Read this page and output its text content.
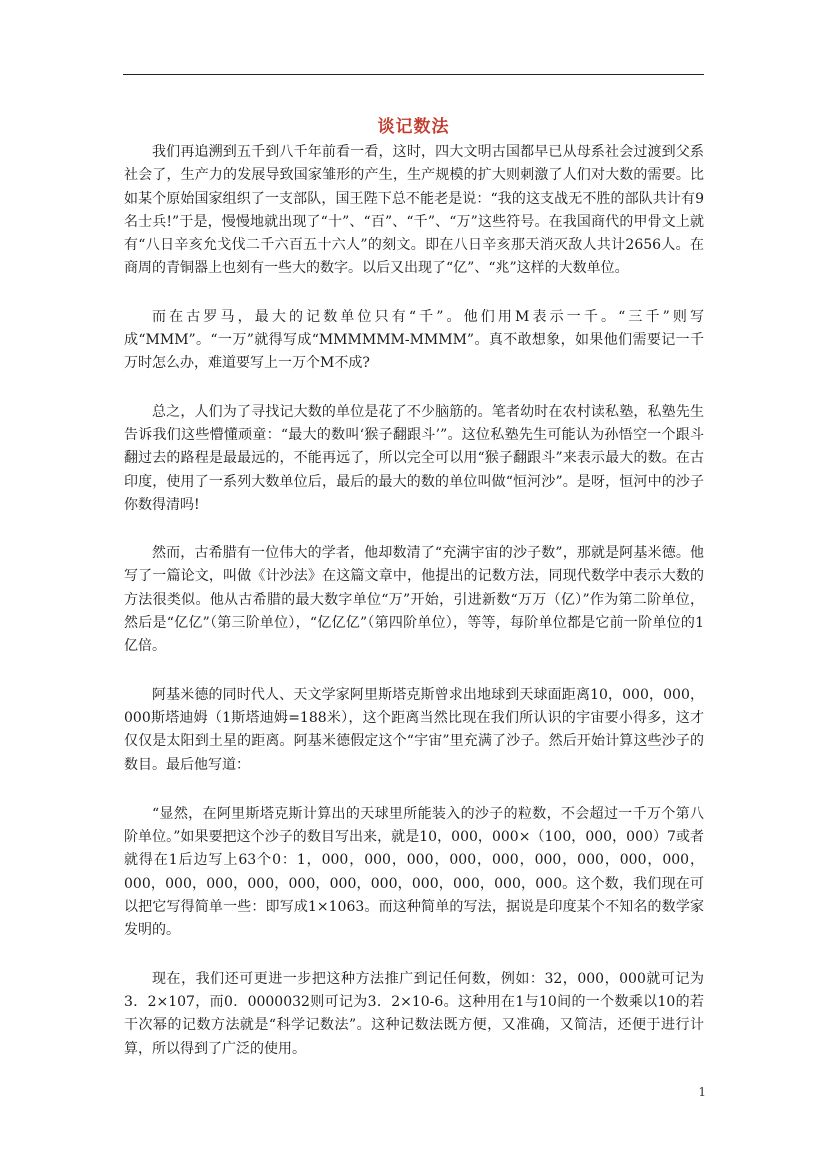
谈记数法

我们再追溯到五千到八千年前看一看，这时，四大文明古国都早已从母系社会过渡到父系社会了，生产力的发展导致国家雏形的产生，生产规模的扩大则刺激了人们对大数的需要。比如某个原始国家组织了一支部队，国王陛下总不能老是说：“我的这支战无不胜的部队共计有9名士兵!”于是，慢慢地就出现了“十”、“百”、“千”、“万”这些符号。在我国商代的甲骨文上就有“八日辛亥允戈伐二千六百五十六人”的刻文。即在八日辛亥那天消灭敌人共计2656人。在商周的青铜器上也刻有一些大的数字。以后又出现了“亿”、“兆”这样的大数单位。

而在古罗马，最大的记数单位只有“千”。他们用M表示一千。“三千”则写成“MMM”。“一万”就得写成“MMMMMM-MMMM”。真不敢想象，如果他们需要记一千万时怎么办，难道要写上一万个M不成?

总之，人们为了寻找记大数的单位是花了不少脑筋的。笔者幼时在农村读私塾，私塾先生告诉我们这些懵懂顽童：“最大的数叫‘猴子翻跟斗’”。这位私塾先生可能认为孙悟空一个跟斗翻过去的路程是最最远的，不能再远了，所以完全可以用“猴子翻跟斗”来表示最大的数。在古印度，使用了一系列大数单位后，最后的最大的数的单位叫做“恒河沙”。是呀，恒河中的沙子你数得清吗!

然而，古希腊有一位伟大的学者，他却数清了“充满宇宙的沙子数”，那就是阿基米德。他写了一篇论文，叫做《计沙法》在这篇文章中，他提出的记数方法，同现代数学中表示大数的方法很类似。他从古希腊的最大数字单位“万”开始，引进新数“万万（亿）”作为第二阶单位，然后是“亿亿”（第三阶单位），“亿亿亿”（第四阶单位），等等，每阶单位都是它前一阶单位的1亿倍。

阿基米德的同时代人、天文学家阿里斯塔克斯曾求出地球到天球面距离10，000，000，000斯塔迪姆（1斯塔迪姆=188米），这个距离当然比现在我们所认识的宇宙要小得多，这才仅仅是太阳到土星的距离。阿基米德假定这个“宇宙”里充满了沙子。然后开始计算这些沙子的数目。最后他写道：

“显然，在阿里斯塔克斯计算出的天球里所能装入的沙子的粒数，不会超过一千万个第八阶单位。”如果要把这个沙子的数目写出来，就是10，000，000×（100，000，000）7或者就得在1后边写上63个0：1，000，000，000，000，000，000，000，000，000，000，000，000，000，000，000，000，000，000，000，000。这个数，我们现在可以把它写得简单一些：即写成1×1063。而这种简单的写法，据说是印度某个不知名的数学家发明的。

现在，我们还可更进一步把这种方法推广到记任何数，例如：32，000，000就可记为3．2×107，而0．0000032则可记为3．2×10-6。这种用在1与10间的一个数乘以10的若干次幂的记数方法就是“科学记数法”。这种记数法既方便，又准确，又简洁，还便于进行计算，所以得到了广泛的使用。

1
